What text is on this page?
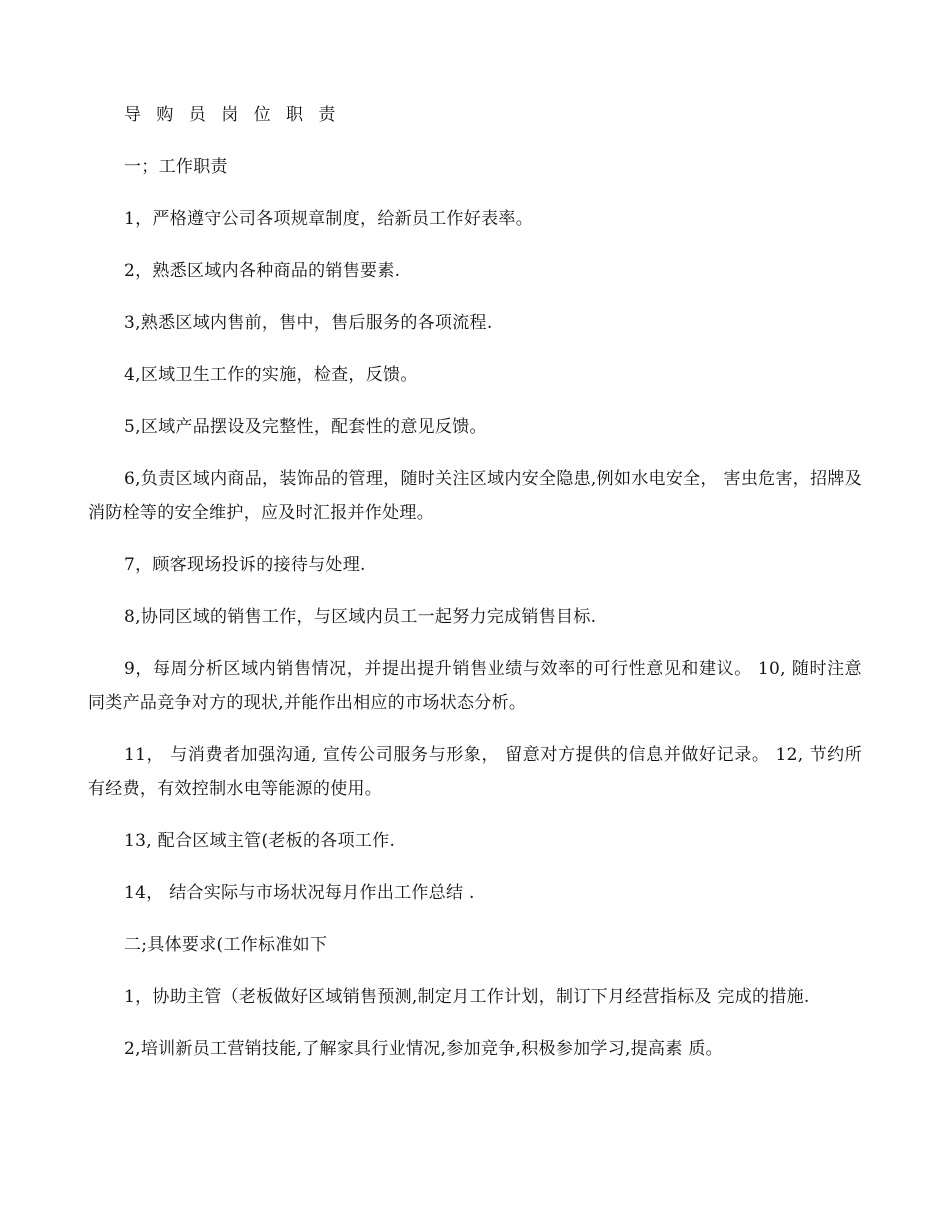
导 购 员 岗 位 职 责

一；工作职责

1，严格遵守公司各项规章制度，给新员工作好表率。

2，熟悉区域内各种商品的销售要素.

3,熟悉区域内售前，售中，售后服务的各项流程.

4,区域卫生工作的实施，检查，反馈。

5,区域产品摆设及完整性，配套性的意见反馈。

6,负责区域内商品，装饰品的管理，随时关注区域内安全隐患,例如水电安全， 害虫危害，招牌及消防栓等的安全维护，应及时汇报并作处理。

7，顾客现场投诉的接待与处理.

8,协同区域的销售工作，与区域内员工一起努力完成销售目标.

9，每周分析区域内销售情况，并提出提升销售业绩与效率的可行性意见和建议。 10, 随时注意同类产品竞争对方的现状,并能作出相应的市场状态分析。

11， 与消费者加强沟通, 宣传公司服务与形象， 留意对方提供的信息并做好记录。 12, 节约所有经费，有效控制水电等能源的使用。

13, 配合区域主管(老板的各项工作.

14， 结合实际与市场状况每月作出工作总结 .

二;具体要求(工作标准如下

1，协助主管（老板做好区域销售预测,制定月工作计划，制订下月经营指标及 完成的措施.

2,培训新员工营销技能,了解家具行业情况,参加竞争,积极参加学习,提高素 质。
